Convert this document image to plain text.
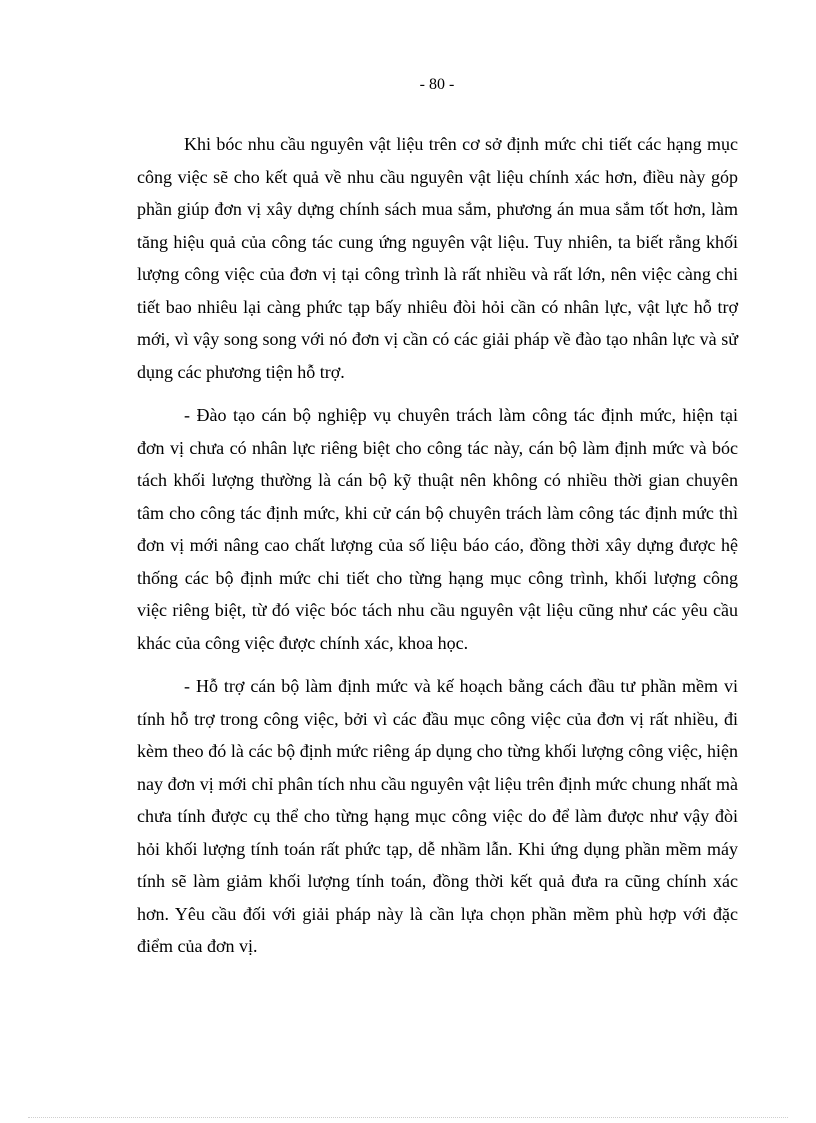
- 80 -

Khi bóc nhu cầu nguyên vật liệu trên cơ sở định mức chi tiết các hạng mục công việc sẽ cho kết quả về nhu cầu nguyên vật liệu chính xác hơn, điều này góp phần giúp đơn vị xây dựng chính sách mua sắm, phương án mua sắm tốt hơn, làm tăng hiệu quả của công tác cung ứng nguyên vật liệu. Tuy nhiên, ta biết rằng khối lượng công việc của đơn vị tại công trình là rất nhiều và rất lớn, nên việc càng chi tiết bao nhiêu lại càng phức tạp bấy nhiêu đòi hỏi cần có nhân lực, vật lực hỗ trợ mới, vì vậy song song với nó đơn vị cần có các giải pháp về đào tạo nhân lực và sử dụng các phương tiện hỗ trợ.

- Đào tạo cán bộ nghiệp vụ chuyên trách làm công tác định mức, hiện tại đơn vị chưa có nhân lực riêng biệt cho công tác này, cán bộ làm định mức và bóc tách khối lượng thường là cán bộ kỹ thuật nên không có nhiều thời gian chuyên tâm cho công tác định mức, khi cử cán bộ chuyên trách làm công tác định mức thì đơn vị mới nâng cao chất lượng của số liệu báo cáo, đồng thời xây dựng được hệ thống các bộ định mức chi tiết cho từng hạng mục công trình, khối lượng công việc riêng biệt, từ đó việc bóc tách nhu cầu nguyên vật liệu cũng như các yêu cầu khác của công việc được chính xác, khoa học.

- Hỗ trợ cán bộ làm định mức và kế hoạch bằng cách đầu tư phần mềm vi tính hỗ trợ trong công việc, bởi vì các đầu mục công việc của đơn vị rất nhiều, đi kèm theo đó là các bộ định mức riêng áp dụng cho từng khối lượng công việc, hiện nay đơn vị mới chỉ phân tích nhu cầu nguyên vật liệu trên định mức chung nhất mà chưa tính được cụ thể cho từng hạng mục công việc do để làm được như vậy đòi hỏi khối lượng tính toán rất phức tạp, dễ nhầm lẫn. Khi ứng dụng phần mềm máy tính sẽ làm giảm khối lượng tính toán, đồng thời kết quả đưa ra cũng chính xác hơn. Yêu cầu đối với giải pháp này là cần lựa chọn phần mềm phù hợp với đặc điểm của đơn vị.
